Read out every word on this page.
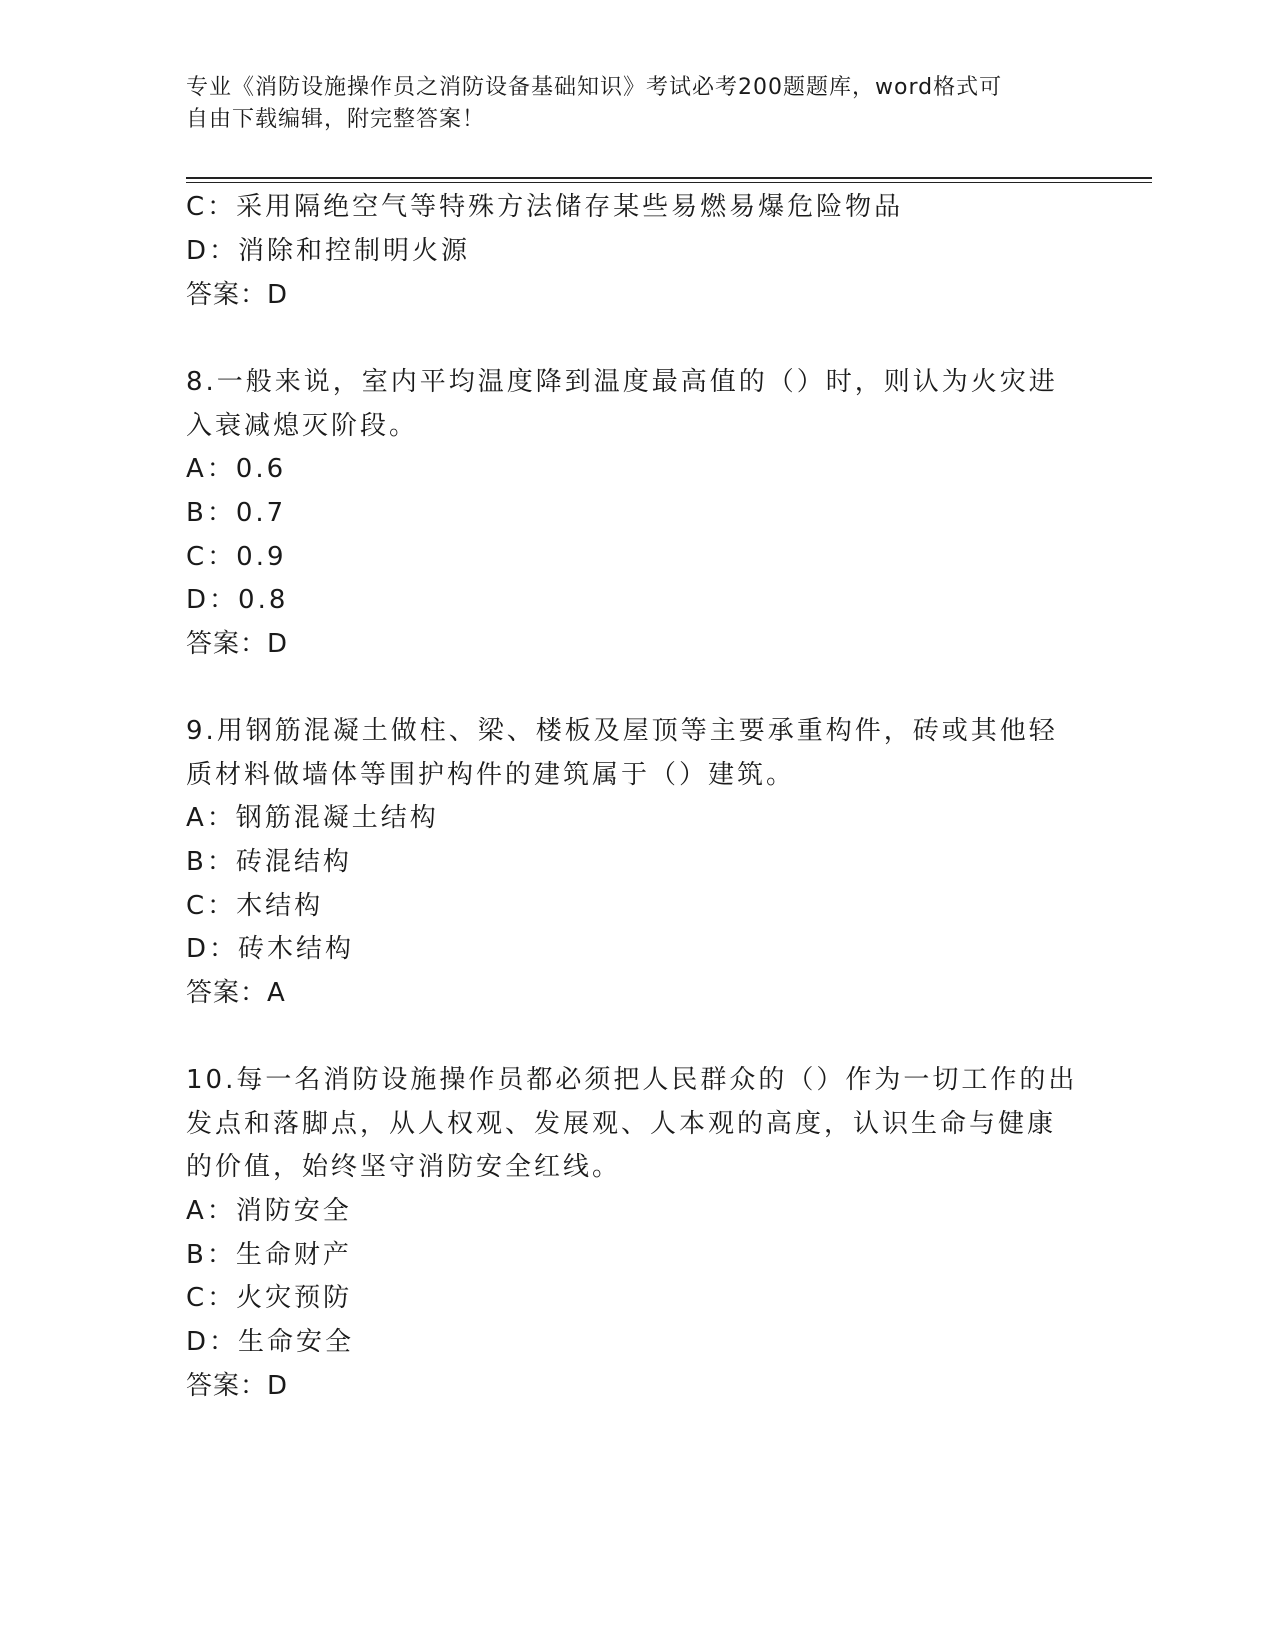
专业《消防设施操作员之消防设备基础知识》考试必考200题题库，word格式可
自由下载编辑，附完整答案！
C：采用隔绝空气等特殊方法储存某些易燃易爆危险物品
D：消除和控制明火源
答案：D
8.一般来说，室内平均温度降到温度最高值的（）时，则认为火灾进
入衰减熄灭阶段。
A：0.6
B：0.7
C：0.9
D：0.8
答案：D
9.用钢筋混凝土做柱、梁、楼板及屋顶等主要承重构件，砖或其他轻
质材料做墙体等围护构件的建筑属于（）建筑。
A：钢筋混凝土结构
B：砖混结构
C：木结构
D：砖木结构
答案：A
10.每一名消防设施操作员都必须把人民群众的（）作为一切工作的出
发点和落脚点，从人权观、发展观、人本观的高度，认识生命与健康
的价值，始终坚守消防安全红线。
A：消防安全
B：生命财产
C：火灾预防
D：生命安全
答案：D
